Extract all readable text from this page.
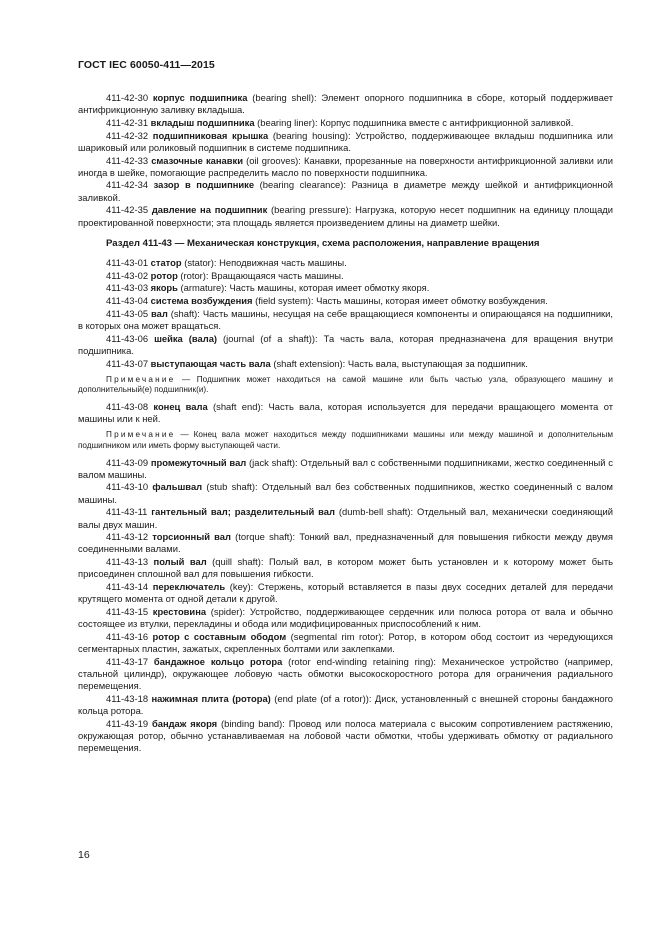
ГОСТ IEC 60050-411—2015
411-42-30 корпус подшипника (bearing shell): Элемент опорного подшипника в сборе, который поддерживает антифрикционную заливку вкладыша.
411-42-31 вкладыш подшипника (bearing liner): Корпус подшипника вместе с антифрикционной заливкой.
411-42-32 подшипниковая крышка (bearing housing): Устройство, поддерживающее вкладыш подшипника или шариковый или роликовый подшипник в системе подшипника.
411-42-33 смазочные канавки (oil grooves): Канавки, прорезанные на поверхности антифрикционной заливки или иногда в шейке, помогающие распределить масло по поверхности подшипника.
411-42-34 зазор в подшипнике (bearing clearance): Разница в диаметре между шейкой и антифрикционной заливкой.
411-42-35 давление на подшипник (bearing pressure): Нагрузка, которую несет подшипник на единицу площади проектированной поверхности; эта площадь является произведением длины на диаметр шейки.
Раздел 411-43 — Механическая конструкция, схема расположения, направление вращения
411-43-01 статор (stator): Неподвижная часть машины.
411-43-02 ротор (rotor): Вращающаяся часть машины.
411-43-03 якорь (armature): Часть машины, которая имеет обмотку якоря.
411-43-04 система возбуждения (field system): Часть машины, которая имеет обмотку возбуждения.
411-43-05 вал (shaft): Часть машины, несущая на себе вращающиеся компоненты и опирающаяся на подшипники, в которых она может вращаться.
411-43-06 шейка (вала) (journal (of a shaft)): Та часть вала, которая предназначена для вращения внутри подшипника.
411-43-07 выступающая часть вала (shaft extension): Часть вала, выступающая за подшипник.
Примечание — Подшипник может находиться на самой машине или быть частью узла, образующего машину и дополнительный(е) подшипник(и).
411-43-08 конец вала (shaft end): Часть вала, которая используется для передачи вращающего момента от машины или к ней.
Примечание — Конец вала может находиться между подшипниками машины или между машиной и дополнительным подшипником или иметь форму выступающей части.
411-43-09 промежуточный вал (jack shaft): Отдельный вал с собственными подшипниками, жестко соединенный с валом машины.
411-43-10 фальшвал (stub shaft): Отдельный вал без собственных подшипников, жестко соединенный с валом машины.
411-43-11 гантельный вал; разделительный вал (dumb-bell shaft): Отдельный вал, механически соединяющий валы двух машин.
411-43-12 торсионный вал (torque shaft): Тонкий вал, предназначенный для повышения гибкости между двумя соединенными валами.
411-43-13 полый вал (quill shaft): Полый вал, в котором может быть установлен и к которому может быть присоединен сплошной вал для повышения гибкости.
411-43-14 переключатель (key): Стержень, который вставляется в пазы двух соседних деталей для передачи крутящего момента от одной детали к другой.
411-43-15 крестовина (spider): Устройство, поддерживающее сердечник или полюса ротора от вала и обычно состоящее из втулки, перекладины и обода или модифицированных приспособлений к ним.
411-43-16 ротор с составным ободом (segmental rim rotor): Ротор, в котором обод состоит из чередующихся сегментарных пластин, зажатых, скрепленных болтами или заклепками.
411-43-17 бандажное кольцо ротора (rotor end-winding retaining ring): Механическое устройство (например, стальной цилиндр), окружающее лобовую часть обмотки высокоскоростного ротора для ограничения радиального перемещения.
411-43-18 нажимная плита (ротора) (end plate (of a rotor)): Диск, установленный с внешней стороны бандажного кольца ротора.
411-43-19 бандаж якоря (binding band): Провод или полоса материала с высоким сопротивлением растяжению, окружающая ротор, обычно устанавливаемая на лобовой части обмотки, чтобы удерживать обмотку от радиального перемещения.
16
